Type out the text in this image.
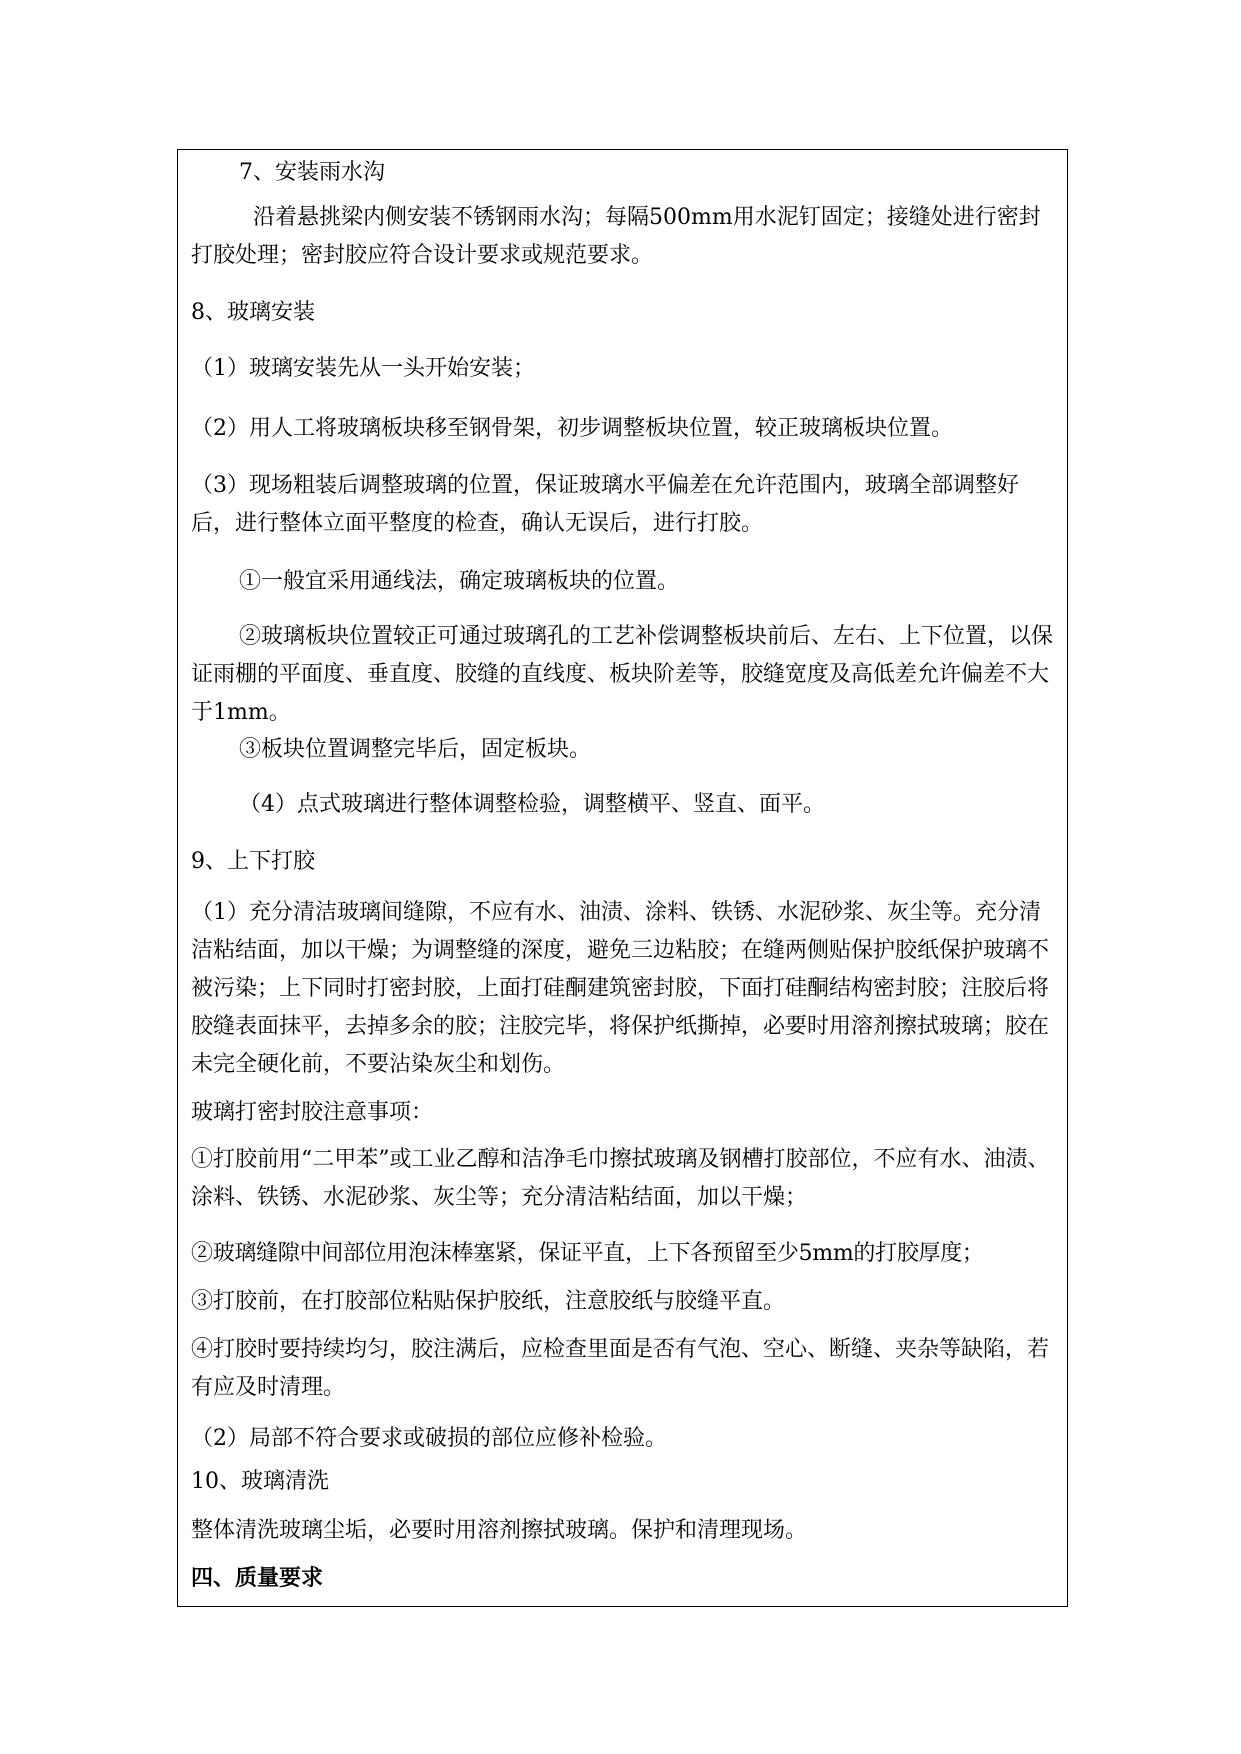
7、安装雨水沟

沿着悬挑梁内侧安装不锈钢雨水沟；每隔500mm用水泥钉固定；接缝处进行密封打胶处理；密封胶应符合设计要求或规范要求。

8、玻璃安装

（1）玻璃安装先从一头开始安装；

（2）用人工将玻璃板块移至钢骨架，初步调整板块位置，较正玻璃板块位置。

（3）现场粗装后调整玻璃的位置，保证玻璃水平偏差在允许范围内，玻璃全部调整好后，进行整体立面平整度的检查，确认无误后，进行打胶。

①一般宜采用通线法，确定玻璃板块的位置。

②玻璃板块位置较正可通过玻璃孔的工艺补偿调整板块前后、左右、上下位置，以保证雨棚的平面度、垂直度、胶缝的直线度、板块阶差等，胶缝宽度及高低差允许偏差不大于1mm。

③板块位置调整完毕后，固定板块。

（4）点式玻璃进行整体调整检验，调整横平、竖直、面平。

9、上下打胶

（1）充分清洁玻璃间缝隙，不应有水、油渍、涂料、铁锈、水泥砂浆、灰尘等。充分清洁粘结面，加以干燥；为调整缝的深度，避免三边粘胶；在缝两侧贴保护胶纸保护玻璃不被污染；上下同时打密封胶，上面打硅酮建筑密封胶，下面打硅酮结构密封胶；注胶后将胶缝表面抹平，去掉多余的胶；注胶完毕，将保护纸撕掉，必要时用溶剂擦拭玻璃；胶在未完全硬化前，不要沾染灰尘和划伤。

玻璃打密封胶注意事项：

①打胶前用“二甲苯”或工业乙醇和洁净毛巾擦拭玻璃及钢槽打胶部位，不应有水、油渍、涂料、铁锈、水泥砂浆、灰尘等；充分清洁粘结面，加以干燥；

②玻璃缝隙中间部位用泡沫棒塞紧，保证平直，上下各预留至少5mm的打胶厚度；

③打胶前，在打胶部位粘贴保护胶纸，注意胶纸与胶缝平直。

④打胶时要持续均匀，胶注满后，应检查里面是否有气泡、空心、断缝、夹杂等缺陷，若有应及时清理。

（2）局部不符合要求或破损的部位应修补检验。

10、玻璃清洗

整体清洗玻璃尘垢，必要时用溶剂擦拭玻璃。保护和清理现场。

四、质量要求
